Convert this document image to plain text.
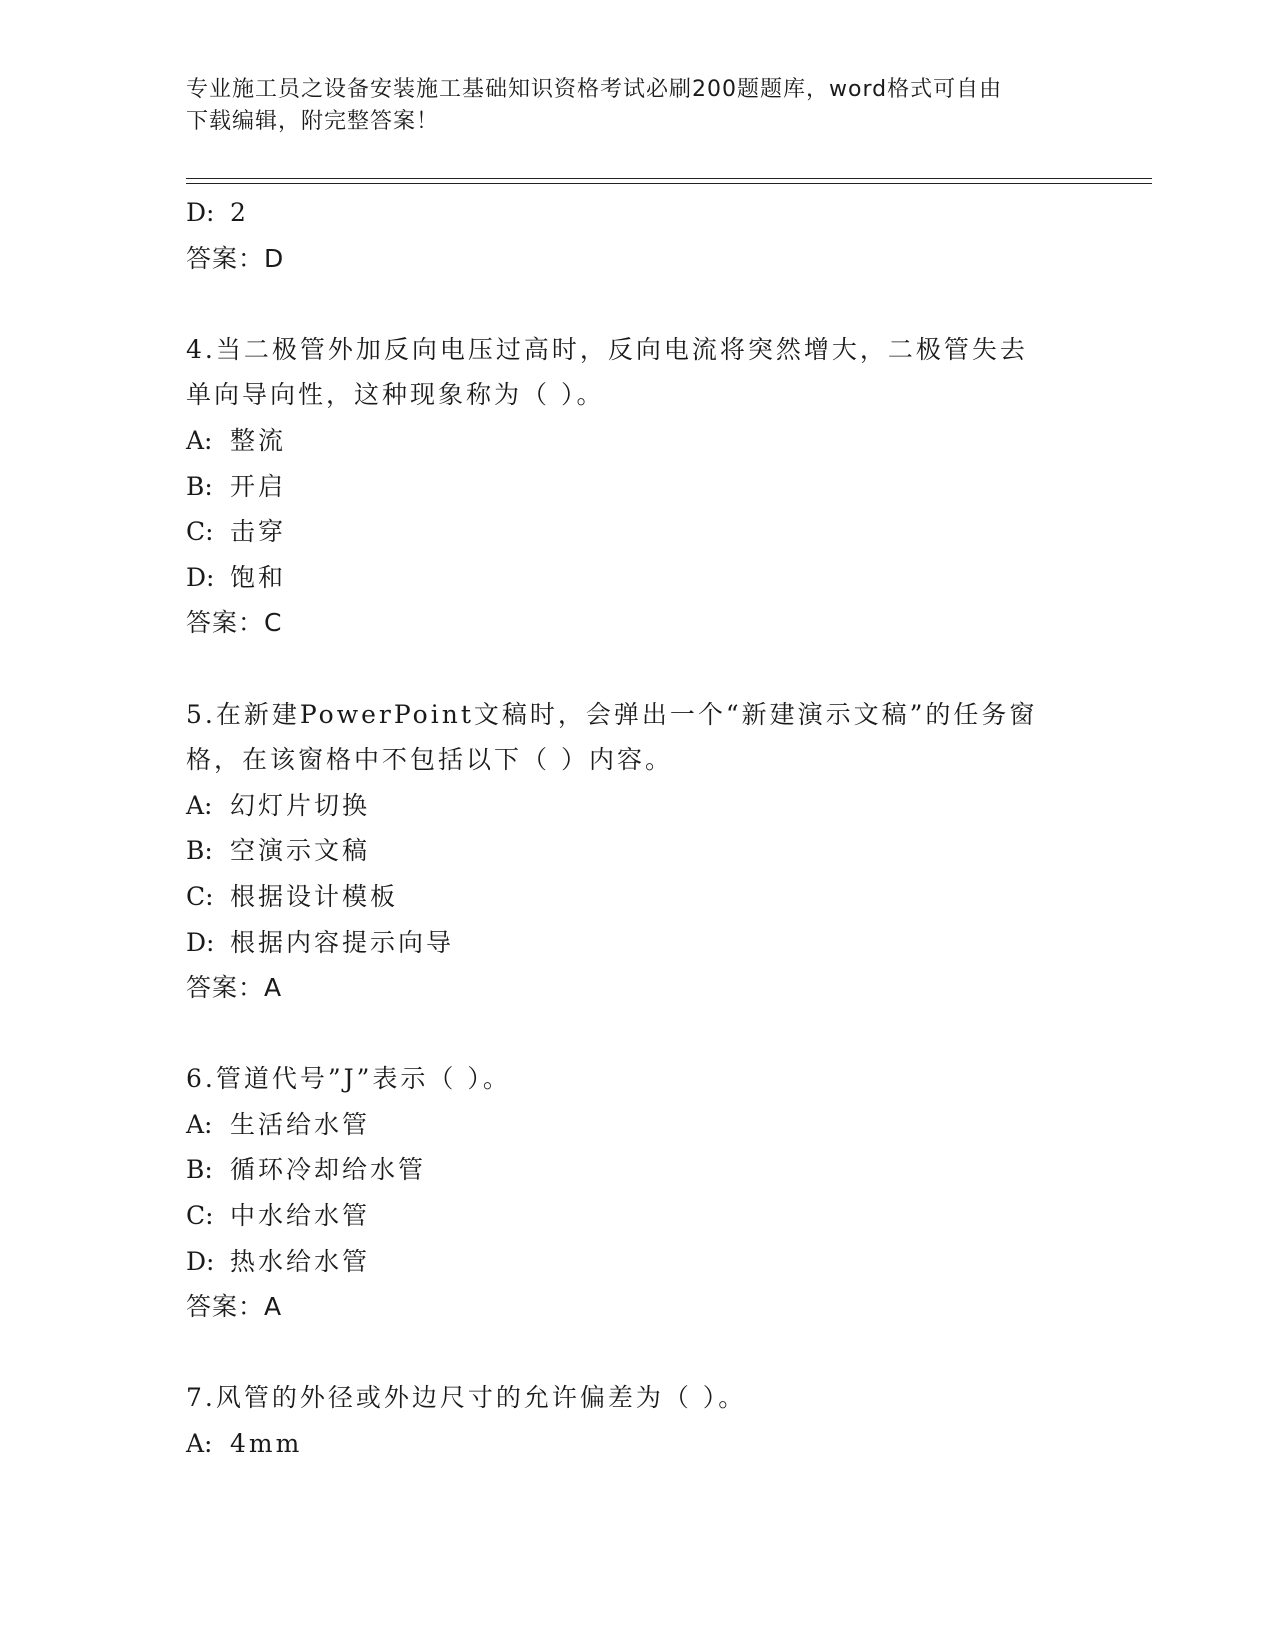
专业施工员之设备安装施工基础知识资格考试必刷200题题库，word格式可自由
下载编辑，附完整答案！
D: 2
答案：D
4.当二极管外加反向电压过高时，反向电流将突然增大，二极管失去
单向导向性，这种现象称为（ ）。
A: 整流
B: 开启
C: 击穿
D: 饱和
答案：C
5.在新建PowerPoint文稿时，会弹出一个“新建演示文稿”的任务窗
格，在该窗格中不包括以下（ ）内容。
A: 幻灯片切换
B: 空演示文稿
C: 根据设计模板
D: 根据内容提示向导
答案：A
6.管道代号”J”表示（ ）。
A: 生活给水管
B: 循环冷却给水管
C: 中水给水管
D: 热水给水管
答案：A
7.风管的外径或外边尺寸的允许偏差为（ ）。
A: 4mm
